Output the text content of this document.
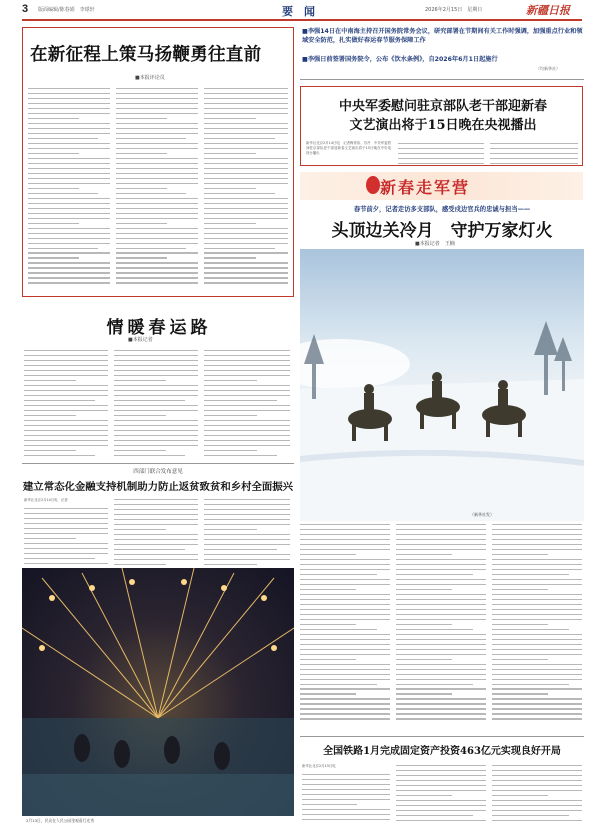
3 版面编辑/陈春娟　李璟轩	要　闻	2026年2月15日　星期日	新疆日报
在新征程上策马扬鞭勇往直前
■本报评论员
■李强14日在中南海主持召开国务院常务会议，研究部署在节期间有关工作时强调，加强重点行业和领域安全防范，扎实做好春运春节服务保障工作
■李强日前签署国务院令，公布《饮水条例》，自2026年6月1日起施行
（均新华社）
中央军委慰问驻京部队老干部迎新春
文艺演出将于15日晚在央视播出
新华社北京2月14日电　记者梅常伟、苏丹　中央军委慰问驻京部队老干部迎新春文艺演出将于15日晚在中央电视台播出
新春走军营
春节前夕，记者走访多支部队，感受戍边官兵的忠诚与担当——
头顶边关冷月　守护万家灯火
■本报记者　王楠
（新华社发）
情暖春运路
■本报记者
四部门联合发布意见
建立常态化金融支持机制助力防止返贫致贫和乡村全面振兴
新华社北京2月14日电　记者
2月13日，民众在人民公园里观看灯光秀
全国铁路1月完成固定资产投资463亿元实现良好开局
新华社北京2月13日电
